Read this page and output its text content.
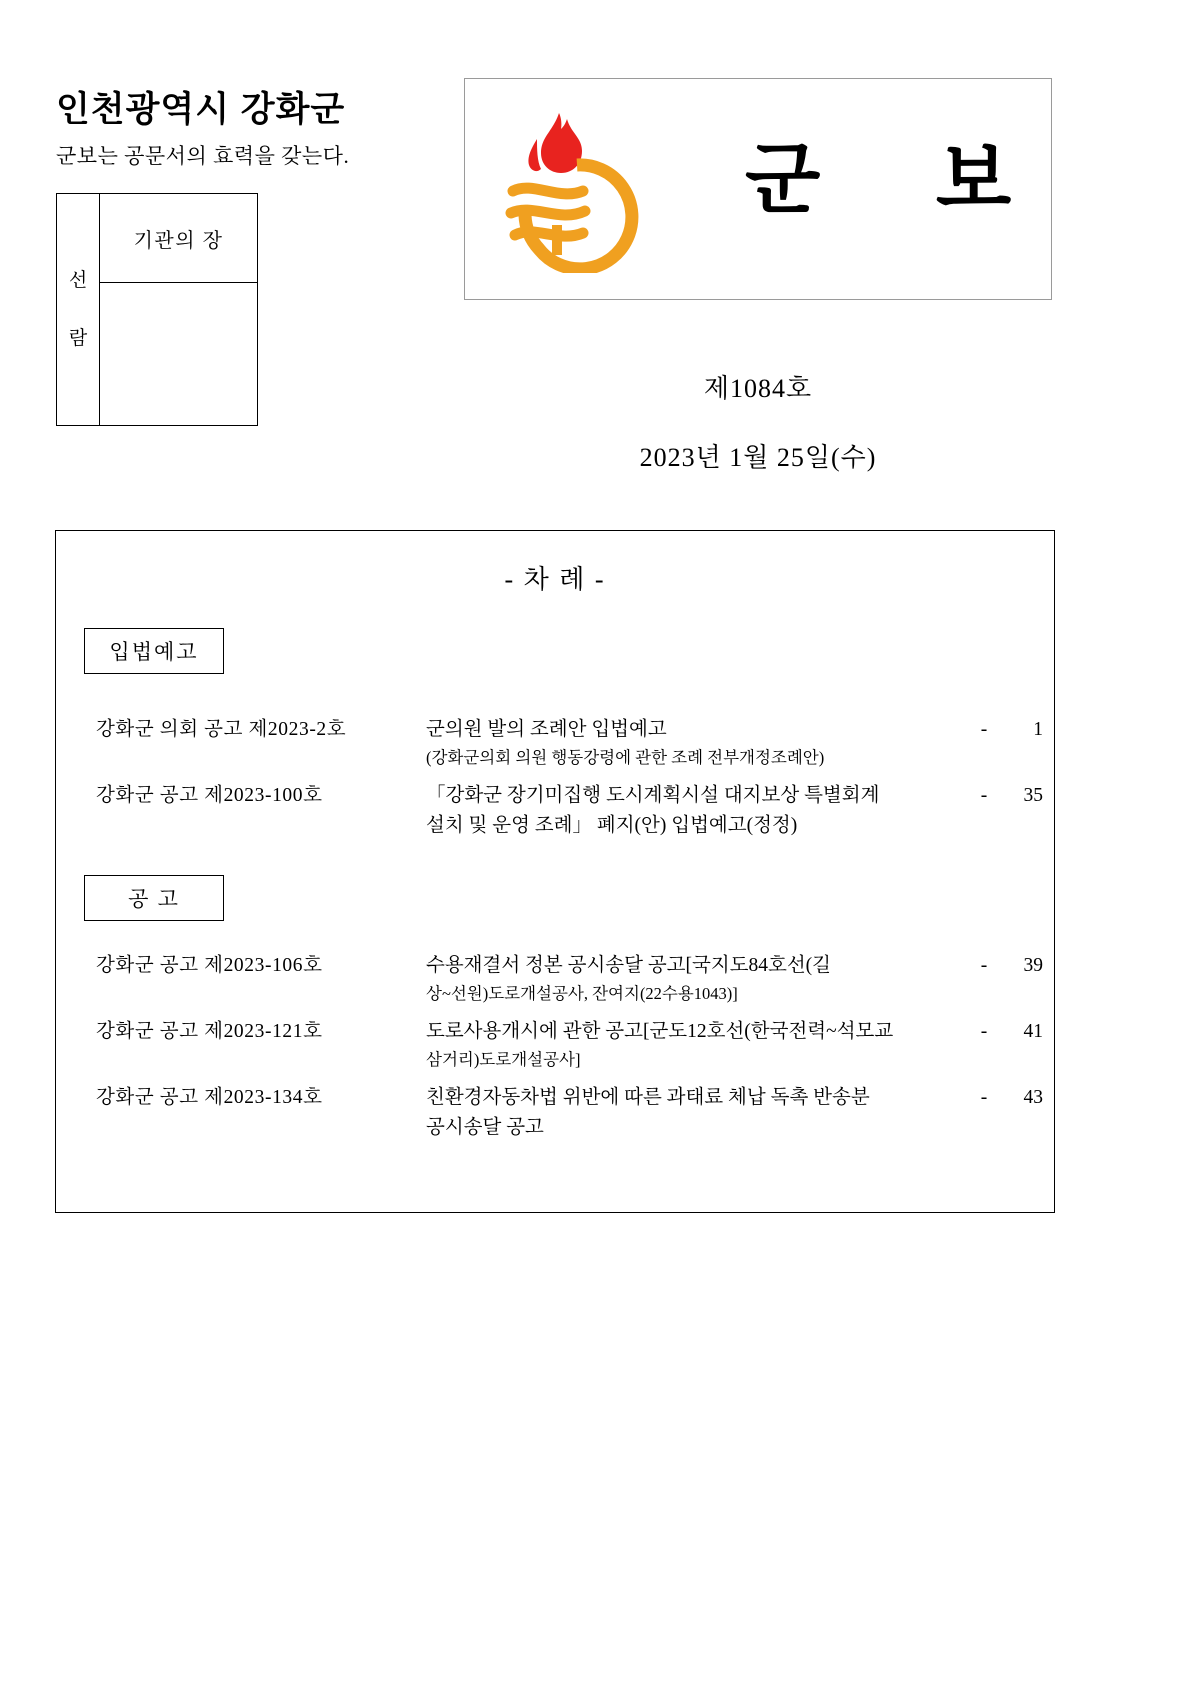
인천광역시 강화군
군보는 공문서의 효력을 갖는다.
선
람
기관의 장
군 보
제1084호
2023년 1월 25일(수)
- 차 례 -
입법예고
공 고
강화군 의회 공고 제2023-2호	군의원 발의 조례안 입법예고
(강화군의회 의원 행동강령에 관한 조례 전부개정조례안)
-	1
강화군 공고 제2023-100호	「강화군 장기미집행 도시계획시설 대지보상 특별회계
설치 및 운영 조례」 폐지(안) 입법예고(정정)
-	35
강화군 공고 제2023-106호	수용재결서 정본 공시송달 공고[국지도84호선(길
상~선원)도로개설공사, 잔여지(22수용1043)]
-	39
강화군 공고 제2023-121호	도로사용개시에 관한 공고[군도12호선(한국전력~석모교
삼거리)도로개설공사]
-	41
강화군 공고 제2023-134호	친환경자동차법 위반에 따른 과태료 체납 독촉 반송분
공시송달 공고
-	43
